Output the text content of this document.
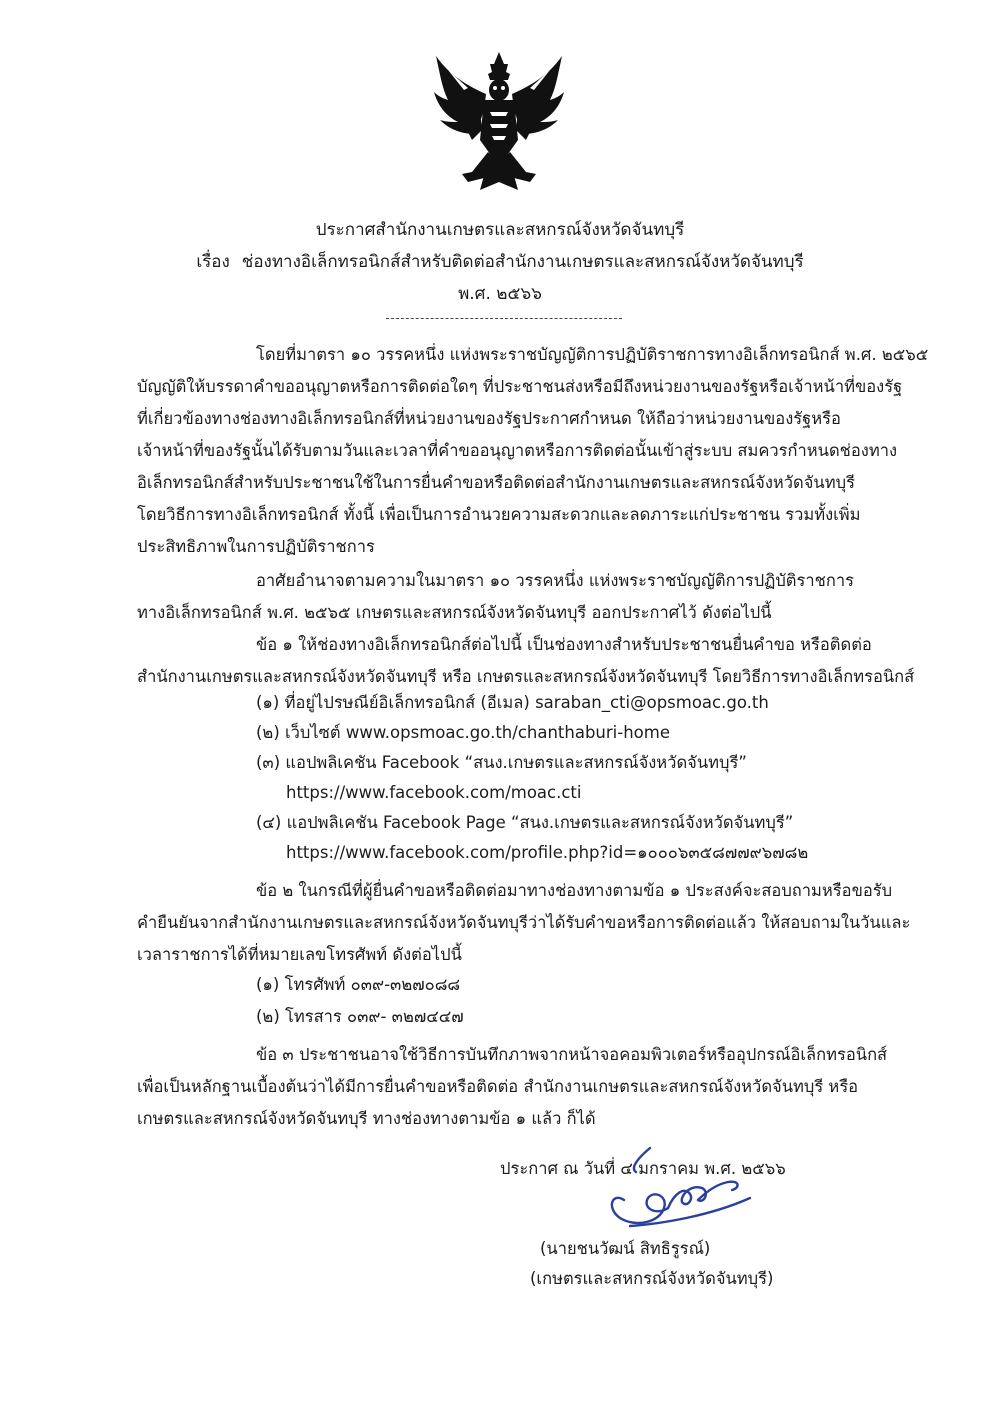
ประกาศสำนักงานเกษตรและสหกรณ์จังหวัดจันทบุรี
เรื่อง ช่องทางอิเล็กทรอนิกส์สำหรับติดต่อสำนักงานเกษตรและสหกรณ์จังหวัดจันทบุรี
พ.ศ. ๒๕๖๖
โดยที่มาตรา ๑๐ วรรคหนึ่ง แห่งพระราชบัญญัติการปฏิบัติราชการทางอิเล็กทรอนิกส์ พ.ศ. ๒๕๖๕
บัญญัติให้บรรดาคำขออนุญาตหรือการติดต่อใดๆ ที่ประชาชนส่งหรือมีถึงหน่วยงานของรัฐหรือเจ้าหน้าที่ของรัฐ
ที่เกี่ยวข้องทางช่องทางอิเล็กทรอนิกส์ที่หน่วยงานของรัฐประกาศกำหนด ให้ถือว่าหน่วยงานของรัฐหรือ
เจ้าหน้าที่ของรัฐนั้นได้รับตามวันและเวลาที่คำขออนุญาตหรือการติดต่อนั้นเข้าสู่ระบบ สมควรกำหนดช่องทาง
อิเล็กทรอนิกส์สำหรับประชาชนใช้ในการยื่นคำขอหรือติดต่อสำนักงานเกษตรและสหกรณ์จังหวัดจันทบุรี
โดยวิธีการทางอิเล็กทรอนิกส์ ทั้งนี้ เพื่อเป็นการอำนวยความสะดวกและลดภาระแก่ประชาชน รวมทั้งเพิ่ม
ประสิทธิภาพในการปฏิบัติราชการ
อาศัยอำนาจตามความในมาตรา ๑๐ วรรคหนึ่ง แห่งพระราชบัญญัติการปฏิบัติราชการ
ทางอิเล็กทรอนิกส์ พ.ศ. ๒๕๖๕ เกษตรและสหกรณ์จังหวัดจันทบุรี ออกประกาศไว้ ดังต่อไปนี้
ข้อ ๑ ให้ช่องทางอิเล็กทรอนิกส์ต่อไปนี้ เป็นช่องทางสำหรับประชาชนยื่นคำขอ หรือติดต่อ
สำนักงานเกษตรและสหกรณ์จังหวัดจันทบุรี หรือ เกษตรและสหกรณ์จังหวัดจันทบุรี โดยวิธีการทางอิเล็กทรอนิกส์
(๑) ที่อยู่ไปรษณีย์อิเล็กทรอนิกส์ (อีเมล) saraban_cti@opsmoac.go.th
(๒) เว็บไซต์ www.opsmoac.go.th/chanthaburi-home
(๓) แอปพลิเคชัน Facebook “สนง.เกษตรและสหกรณ์จังหวัดจันทบุรี”
https://www.facebook.com/moac.cti
(๔) แอปพลิเคชัน Facebook Page “สนง.เกษตรและสหกรณ์จังหวัดจันทบุรี”
https://www.facebook.com/profile.php?id=๑๐๐๐๖๓๕๘๗๗๙๖๗๘๒
ข้อ ๒ ในกรณีที่ผู้ยื่นคำขอหรือติดต่อมาทางช่องทางตามข้อ ๑ ประสงค์จะสอบถามหรือขอรับ
คำยืนยันจากสำนักงานเกษตรและสหกรณ์จังหวัดจันทบุรีว่าได้รับคำขอหรือการติดต่อแล้ว ให้สอบถามในวันและ
เวลาราชการได้ที่หมายเลขโทรศัพท์ ดังต่อไปนี้
(๑) โทรศัพท์ ๐๓๙-๓๒๗๐๘๘
(๒) โทรสาร ๐๓๙- ๓๒๗๔๔๗
ข้อ ๓ ประชาชนอาจใช้วิธีการบันทึกภาพจากหน้าจอคอมพิวเตอร์หรืออุปกรณ์อิเล็กทรอนิกส์
เพื่อเป็นหลักฐานเบื้องต้นว่าได้มีการยื่นคำขอหรือติดต่อ สำนักงานเกษตรและสหกรณ์จังหวัดจันทบุรี หรือ
เกษตรและสหกรณ์จังหวัดจันทบุรี ทางช่องทางตามข้อ ๑ แล้ว ก็ได้
ประกาศ ณ วันที่ ๔ มกราคม พ.ศ. ๒๕๖๖
(นายชนวัฒน์ สิทธิรูรณ์)
(เกษตรและสหกรณ์จังหวัดจันทบุรี)
